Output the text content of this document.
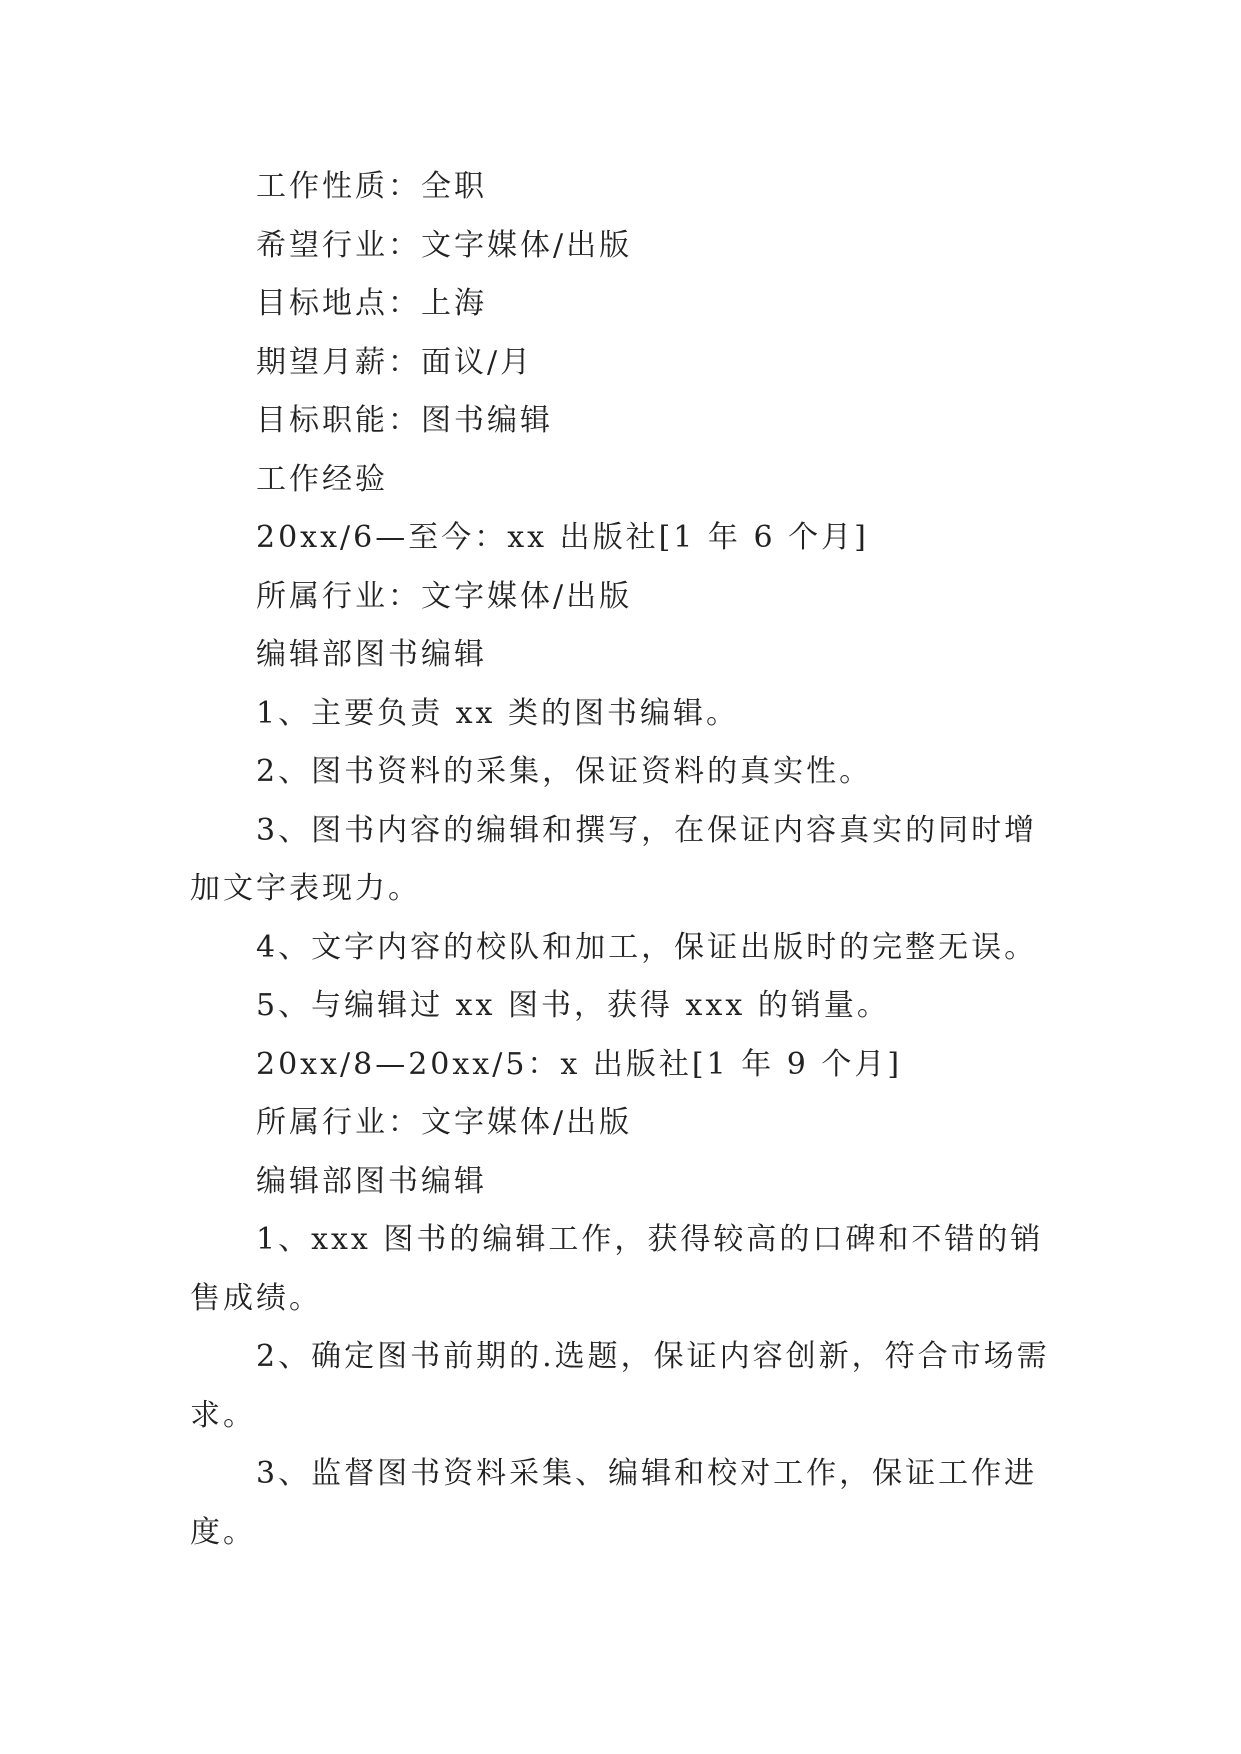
工作性质：全职

希望行业：文字媒体/出版

目标地点：上海

期望月薪：面议/月

目标职能：图书编辑

工作经验

20xx/6—至今：xx 出版社[1 年 6 个月]

所属行业：文字媒体/出版

编辑部图书编辑

1、主要负责 xx 类的图书编辑。

2、图书资料的采集，保证资料的真实性。

3、图书内容的编辑和撰写，在保证内容真实的同时增加文字表现力。

4、文字内容的校队和加工，保证出版时的完整无误。

5、与编辑过 xx 图书，获得 xxx 的销量。

20xx/8—20xx/5：x 出版社[1 年 9 个月]

所属行业：文字媒体/出版

编辑部图书编辑

1、xxx 图书的编辑工作，获得较高的口碑和不错的销售成绩。

2、确定图书前期的.选题，保证内容创新，符合市场需求。

3、监督图书资料采集、编辑和校对工作，保证工作进度。
